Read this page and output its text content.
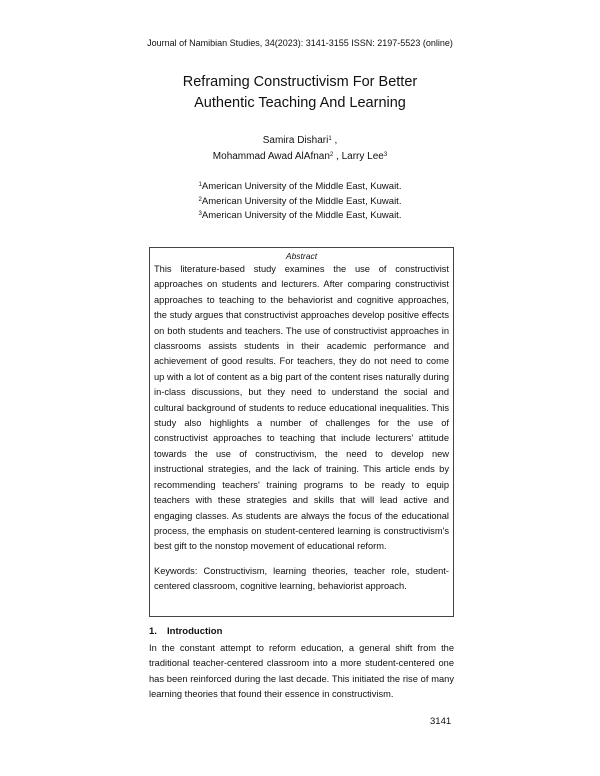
Journal of Namibian Studies, 34(2023): 3141-3155 ISSN: 2197-5523 (online)
Reframing Constructivism For Better
Authentic Teaching And Learning
Samira Dishari$^1$ ,
Mohammad Awad AlAfnan$^2$ , Larry Lee$^3$
$^1$American University of the Middle East, Kuwait.
$^2$American University of the Middle East, Kuwait.
$^3$American University of the Middle East, Kuwait.
Abstract

This literature-based study examines the use of constructivist approaches on students and lecturers. After comparing constructivist approaches to teaching to the behaviorist and cognitive approaches, the study argues that constructivist approaches develop positive effects on both students and teachers. The use of constructivist approaches in classrooms assists students in their academic performance and achievement of good results. For teachers, they do not need to come up with a lot of content as a big part of the content rises naturally during in-class discussions, but they need to understand the social and cultural background of students to reduce educational inequalities. This study also highlights a number of challenges for the use of constructivist approaches to teaching that include lecturers' attitude towards the use of constructivism, the need to develop new instructional strategies, and the lack of training. This article ends by recommending teachers' training programs to be ready to equip teachers with these strategies and skills that will lead active and engaging classes. As students are always the focus of the educational process, the emphasis on student-centered learning is constructivism's best gift to the nonstop movement of educational reform.

Keywords: Constructivism, learning theories, teacher role, student-centered classroom, cognitive learning, behaviorist approach.
1. Introduction

In the constant attempt to reform education, a general shift from the traditional teacher-centered classroom into a more student-centered one has been reinforced during the last decade. This initiated the rise of many learning theories that found their essence in constructivism.

3141
